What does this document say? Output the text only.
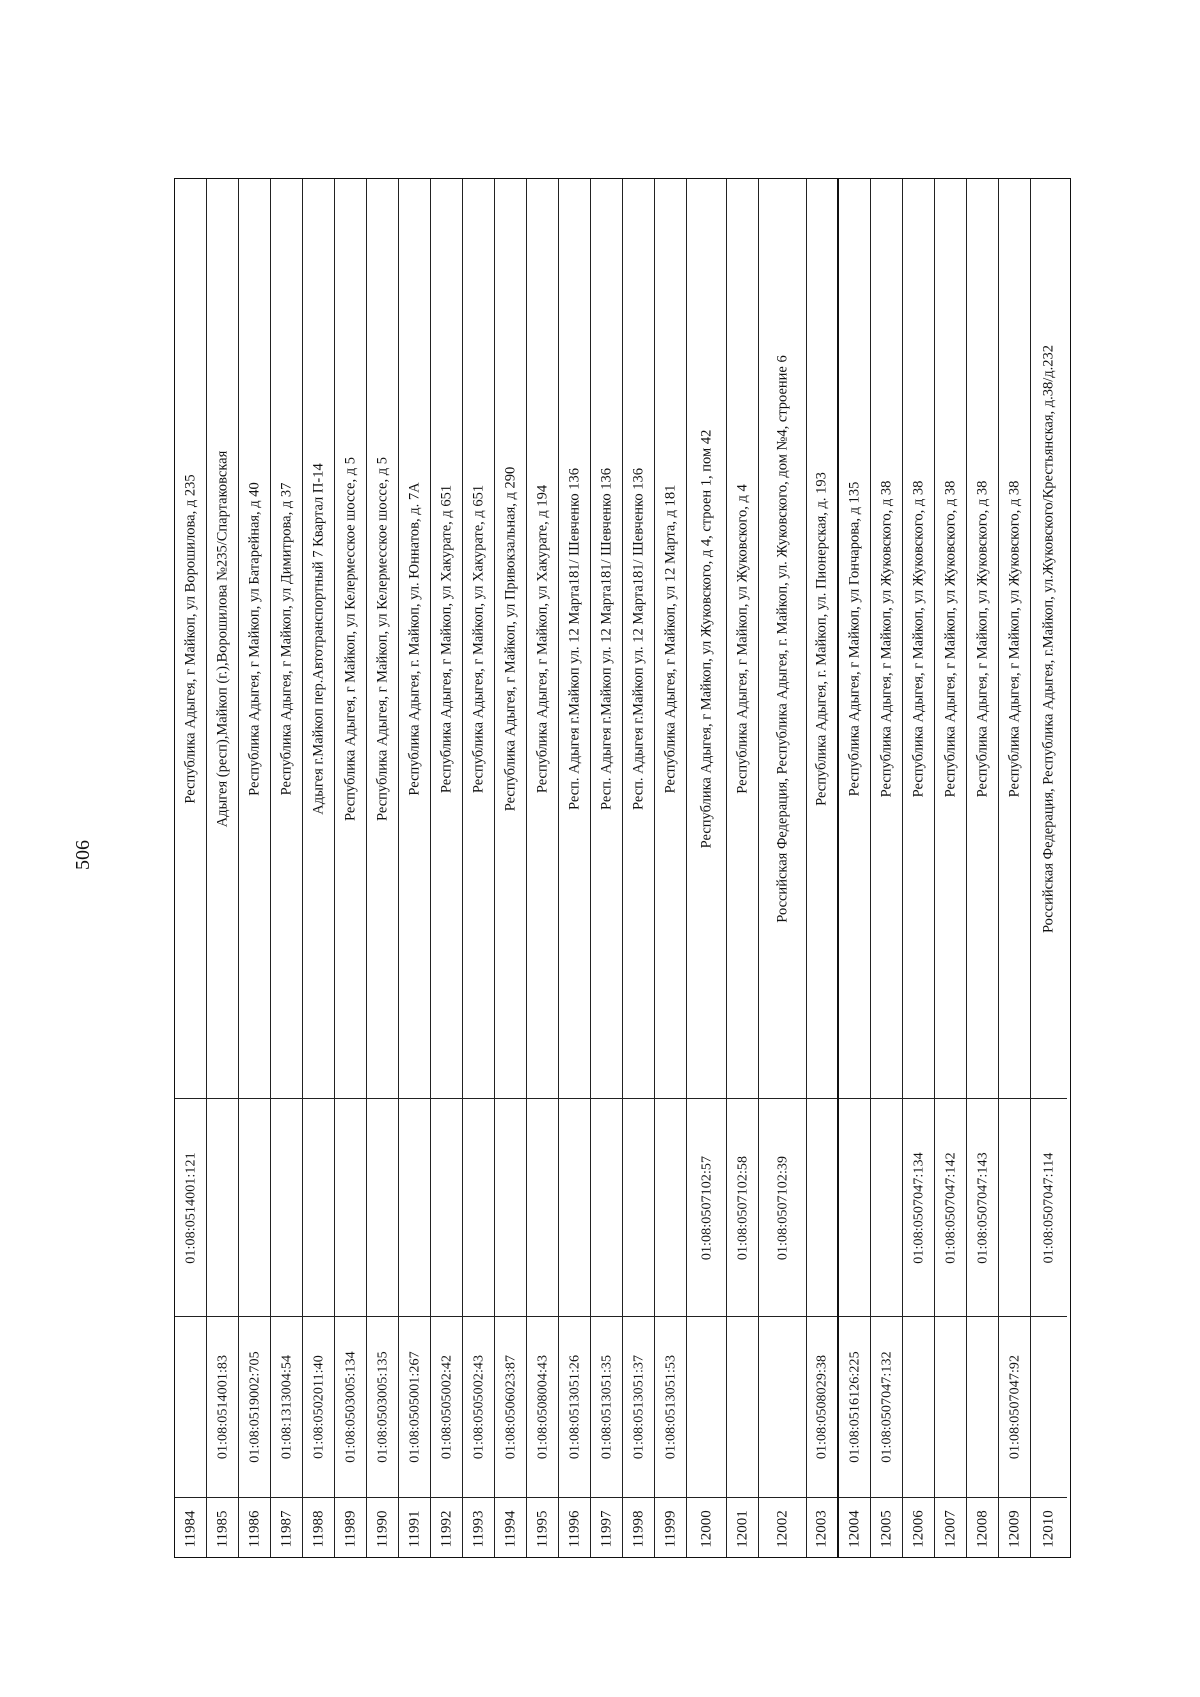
506
11984
01:08:0514001:121
Республика Адыгея, г Майкоп, ул Ворошилова, д 235
11985
01:08:0514001:83
Адыгея (респ),Майкоп (г.),Ворошилова №235/Спартаковская
11986
01:08:0519002:705
Республика Адыгея, г Майкоп, ул Батарейная, д 40
11987
01:08:1313004:54
Республика Адыгея, г Майкоп, ул Димитрова, д 37
11988
01:08:0502011:40
Адыгея г.Майкоп пер.Автотранспортный 7 Квартал П-14
11989
01:08:0503005:134
Республика Адыгея, г Майкоп, ул Келермесское шоссе, д 5
11990
01:08:0503005:135
Республика Адыгея, г Майкоп, ул Келермесское шоссе, д 5
11991
01:08:0505001:267
Республика Адыгея, г. Майкоп, ул. Юннатов, д. 7А
11992
01:08:0505002:42
Республика Адыгея, г Майкоп, ул Хакурате, д 651
11993
01:08:0505002:43
Республика Адыгея, г Майкоп, ул Хакурате, д 651
11994
01:08:0506023:87
Республика Адыгея, г Майкоп, ул Привокзальная, д 290
11995
01:08:0508004:43
Республика Адыгея, г Майкоп, ул Хакурате, д 194
11996
01:08:0513051:26
Респ. Адыгея г.Майкоп ул. 12 Марта181/ Шевченко 136
11997
01:08:0513051:35
Респ. Адыгея г.Майкоп ул. 12 Марта181/ Шевченко 136
11998
01:08:0513051:37
Респ. Адыгея г.Майкоп ул. 12 Марта181/ Шевченко 136
11999
01:08:0513051:53
Республика Адыгея, г Майкоп, ул 12 Марта, д 181
12000
01:08:0507102:57
Республика Адыгея, г Майкоп, ул Жуковского, д 4, строен 1, пом 42
12001
01:08:0507102:58
Республика Адыгея, г Майкоп, ул Жуковского, д 4
12002
01:08:0507102:39
Российская Федерация, Республика Адыгея, г. Майкоп, ул. Жуковского, дом №4, строение 6
12003
01:08:0508029:38
Республика Адыгея, г. Майкоп, ул. Пионерская, д. 193
12004
01:08:0516126:225
Республика Адыгея, г Майкоп, ул Гончарова, д 135
12005
01:08:0507047:132
Республика Адыгея, г Майкоп, ул Жуковского, д 38
12006
01:08:0507047:134
Республика Адыгея, г Майкоп, ул Жуковского, д 38
12007
01:08:0507047:142
Республика Адыгея, г Майкоп, ул Жуковского, д 38
12008
01:08:0507047:143
Республика Адыгея, г Майкоп, ул Жуковского, д 38
12009
01:08:0507047:92
Республика Адыгея, г Майкоп, ул Жуковского, д 38
12010
01:08:0507047:114
Российская Федерация, Республика Адыгея, г.Майкоп, ул.Жуковского/Крестьянская, д.38/д.232
